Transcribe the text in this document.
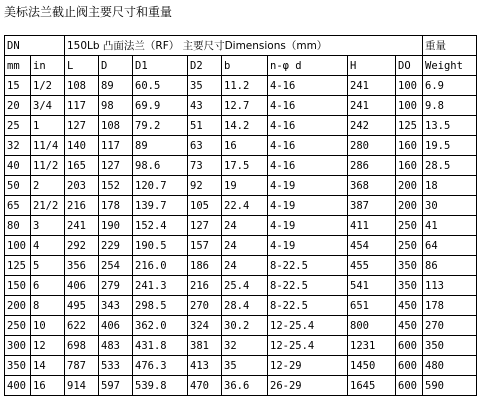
美标法兰截止阀主要尺寸和重量
DN		150Lb 凸面法兰（RF） 主要尺寸Dimensions（mm）								重量
mm	in	L	D	D1	D2	b	n-φ d	H	DO	Weight
15	1/2	108	89	60.5	35	11.2	4-16	241	100	6.9
20	3/4	117	98	69.9	43	12.7	4-16	241	100	9.8
25	1	127	108	79.2	51	14.2	4-16	242	125	13.5
32	11/4	140	117	89	63	16	4-16	280	160	19.5
40	11/2	165	127	98.6	73	17.5	4-16	286	160	28.5
50	2	203	152	120.7	92	19	4-19	368	200	18
65	21/2	216	178	139.7	105	22.4	4-19	387	200	30
80	3	241	190	152.4	127	24	4-19	411	250	41
100	4	292	229	190.5	157	24	4-19	454	250	64
125	5	356	254	216.0	186	24	8-22.5	455	350	86
150	6	406	279	241.3	216	25.4	8-22.5	541	350	113
200	8	495	343	298.5	270	28.4	8-22.5	651	450	178
250	10	622	406	362.0	324	30.2	12-25.4	800	450	270
300	12	698	483	431.8	381	32	12-25.4	1231	600	350
350	14	787	533	476.3	413	35	12-29	1450	600	480
400	16	914	597	539.8	470	36.6	26-29	1645	600	590
